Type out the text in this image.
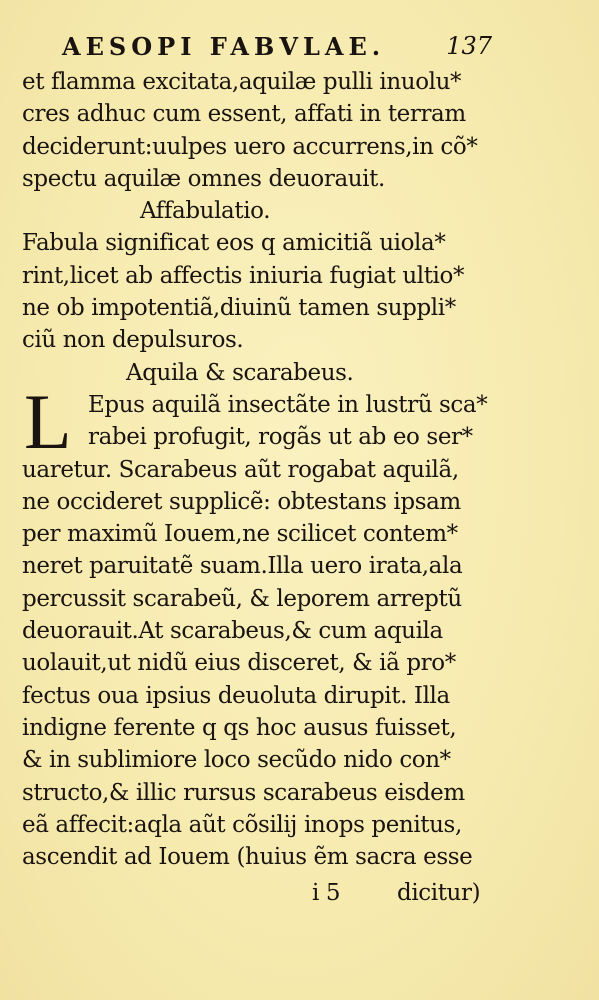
AESOPI FABVLAE.	137
et flamma excitata,aquilæ pulli inuolu*
cres adhuc cum essent, affati in terram
deciderunt:uulpes uero accurrens,in cõ*
spectu aquilæ omnes deuorauit.
Affabulatio.
Fabula significat eos q amicitiã uiola*
rint,licet ab affectis iniuria fugiat ultio*
ne ob impotentiã,diuinũ tamen suppli*
ciũ non depulsuros.
Aquila & scarabeus.
L Epus aquilã insectãte in lustrũ sca*
rabei profugit, rogãs ut ab eo ser*
uaretur. Scarabeus aũt rogabat aquilã,
ne occideret supplicẽ: obtestans ipsam
per maximũ Iouem,ne scilicet contem*
neret paruitatẽ suam.Illa uero irata,ala
percussit scarabeũ, & leporem arreptũ
deuorauit.At scarabeus,& cum aquila
uolauit,ut nidũ eius disceret, & iã pro*
fectus oua ipsius deuoluta dirupit. Illa
indigne ferente q qs hoc ausus fuisset,
& in sublimiore loco secũdo nido con*
structo,& illic rursus scarabeus eisdem
eã affecit:aqla aũt cõsilij inops penitus,
ascendit ad Iouem (huius ẽm sacra esse
i 5 dicitur)
